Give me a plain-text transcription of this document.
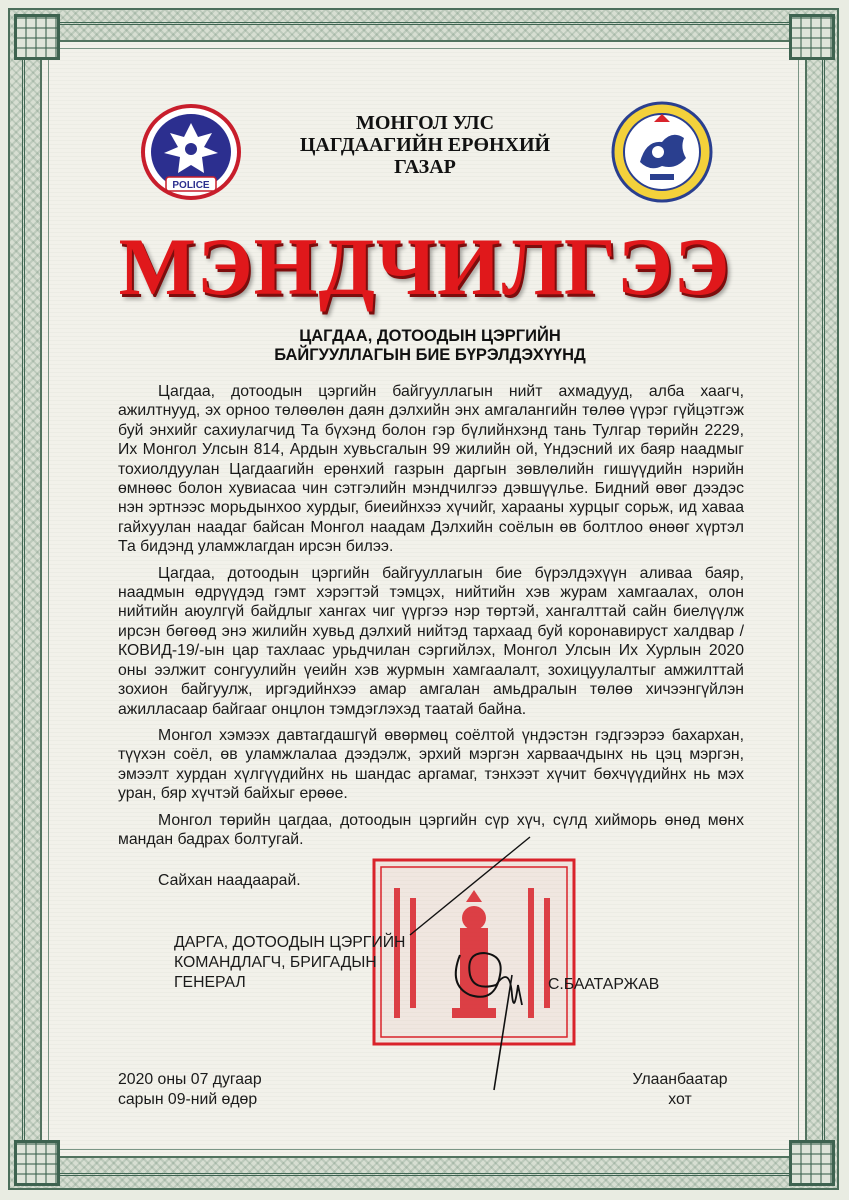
POLICE
МОНГОЛ УЛС
ЦАГДААГИЙН ЕРӨНХИЙ
ГАЗАР
МЭНДЧИЛГЭЭ
ЦАГДАА, ДОТООДЫН ЦЭРГИЙН
БАЙГУУЛЛАГЫН БИЕ БҮРЭЛДЭХҮҮНД

Цагдаа, дотоодын цэргийн байгууллагын нийт ахмадууд, алба хаагч, ажилтнууд, эх орноо төлөөлөн даян дэлхийн энх амгалангийн төлөө үүрэг гүйцэтгэж буй энхийг сахиулагчид Та бүхэнд болон гэр бүлийнхэнд тань Тулгар төрийн 2229, Их Монгол Улсын 814, Ардын хувьсгалын 99 жилийн ой, Үндэсний их баяр наадмыг тохиолдуулан Цагдаагийн ерөнхий газрын даргын зөвлөлийн гишүүдийн нэрийн өмнөөс болон хувиасаа чин сэтгэлийн мэндчилгээ дэвшүүлье. Бидний өвөг дээдэс нэн эртнээс морьдынхоо хурдыг, биеийнхээ хүчийг, харааны хурцыг сорьж, ид хаваа гайхуулан наадаг байсан Монгол наадам Дэлхийн соёлын өв болтлоо өнөөг хүртэл Та бидэнд уламжлагдан ирсэн билээ.

Цагдаа, дотоодын цэргийн байгууллагын бие бүрэлдэхүүн аливаа баяр, наадмын өдрүүдэд гэмт хэрэгтэй тэмцэх, нийтийн хэв журам хамгаалах, олон нийтийн аюулгүй байдлыг хангах чиг үүргээ нэр төртэй, хангалттай сайн биелүүлж ирсэн бөгөөд энэ жилийн хувьд дэлхий нийтэд тархаад буй коронавируст халдвар /КОВИД-19/-ын цар тахлаас урьдчилан сэргийлэх, Монгол Улсын Их Хурлын 2020 оны ээлжит сонгуулийн үеийн хэв журмын хамгаалалт, зохицуулалтыг амжилттай зохион байгуулж, иргэдийнхээ амар амгалан амьдралын төлөө хичээнгүйлэн ажилласаар байгааг онцлон тэмдэглэхэд таатай байна.

Монгол хэмээх давтагдашгүй өвөрмөц соёлтой үндэстэн гэдгээрээ бахархан, түүхэн соёл, өв уламжлалаа дээдэлж, эрхий мэргэн харваачдынх нь цэц мэргэн, эмээлт хурдан хүлгүүдийнх нь шандас аргамаг, тэнхээт хүчит бөхчүүдийнх нь мэх уран, бяр хүчтэй байхыг ерөөе.

Монгол төрийн цагдаа, дотоодын цэргийн сүр хүч, сүлд хийморь өнөд мөнх мандан бадрах болтугай.

Сайхан наадаарай.
ДАРГА, ДОТООДЫН ЦЭРГИЙН
КОМАНДЛАГЧ, БРИГАДЫН
ГЕНЕРАЛ	С.БААТАРЖАВ
2020 оны 07 дугаар
сарын 09-ний өдөр
Улаанбаатар
хот
